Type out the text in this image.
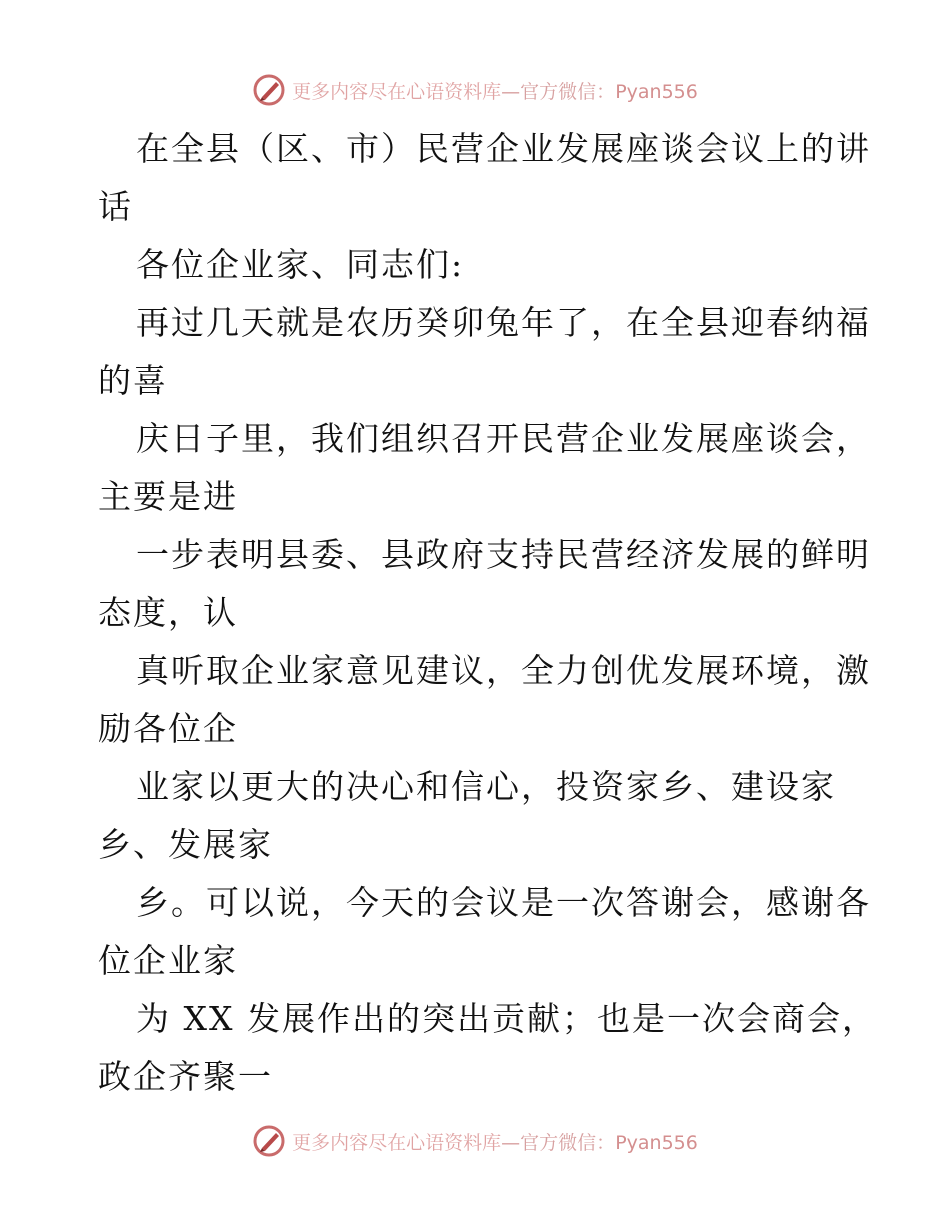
更多内容尽在心语资料库—官方微信：Pyan556
在全县（区、市）民营企业发展座谈会议上的讲
话
各位企业家、同志们:
再过几天就是农历癸卯兔年了，在全县迎春纳福
的喜
庆日子里，我们组织召开民营企业发展座谈会，
主要是进
一步表明县委、县政府支持民营经济发展的鲜明
态度，认
真听取企业家意见建议，全力创优发展环境，激
励各位企
业家以更大的决心和信心，投资家乡、建设家
乡、发展家
乡。可以说，今天的会议是一次答谢会，感谢各
位企业家
为 XX 发展作出的突出贡献；也是一次会商会，
政企齐聚一
更多内容尽在心语资料库—官方微信：Pyan556
